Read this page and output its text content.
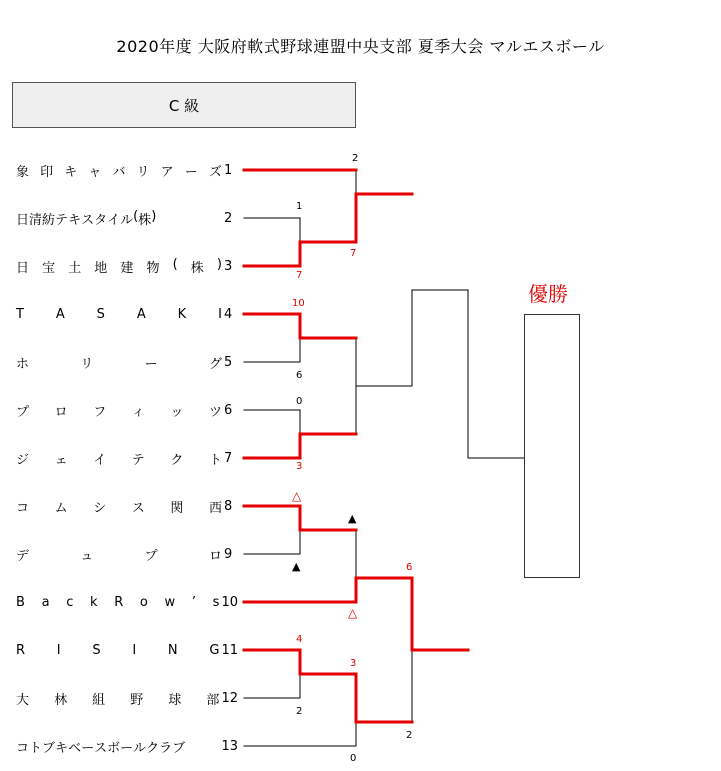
2020年度 大阪府軟式野球連盟中央支部 夏季大会 マルエスボール
C 級
象 印 キ ャ バ リ ア ー ズ 1
日 清 紡 テ キ ス タ イ ル ( 株 )	2
日 宝 土 地 建 物 ( 株 ) 3
T A S A K I 4
ホ	リ	ー	グ 5
プ ロ フ ィ ッ ツ 6
ジ ェ イ テ ク ト 7
コ ム シ ス 関 西 8
デ	ュ	プ	ロ 9
B a c k R o w ’ s 10
R I S I N G 11
大 林 組 野 球 部 12
コ ト ブ キ ベ ー ス ボ ー ル ク ラ ブ	13
1
7
2
7
10
6
0
3
△
▲
▲
△
4
2
3
0
6
2
優勝
